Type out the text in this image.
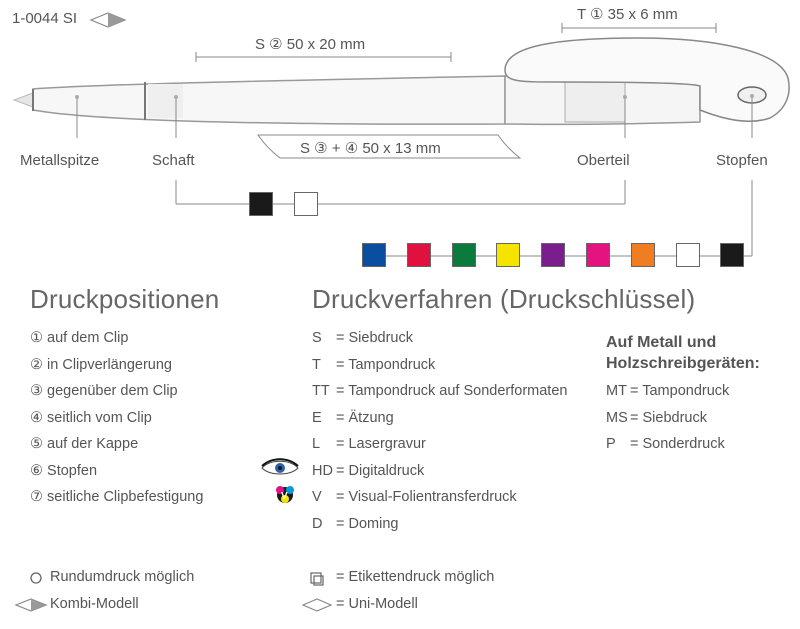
V
1-0044 SI	T ① 35 x 6 mm
S ② 50 x 20 mm
S ③ + ④ 50 x 13 mm
Metallspitze	Schaft	Oberteil	Stopfen
Druckpositionen
① auf dem Clip
② in Clipverlängerung
③ gegenüber dem Clip
④ seitlich vom Clip
⑤ auf der Kappe
⑥ Stopfen
⑦ seitliche Clipbefestigung
Druckverfahren (Druckschlüssel)
S = Siebdruck
T = Tampondruck
TT = Tampondruck auf Sonderformaten
E = Ätzung
L = Lasergravur
HD = Digitaldruck
V = Visual-Folientransferdruck
D = Doming
Auf Metall und
Holzschreibgeräten:
MT = Tampondruck
MS = Siebdruck
P = Sonderdruck
Rundumdruck möglich
Kombi-Modell
= Etikettendruck möglich
= Uni-Modell
